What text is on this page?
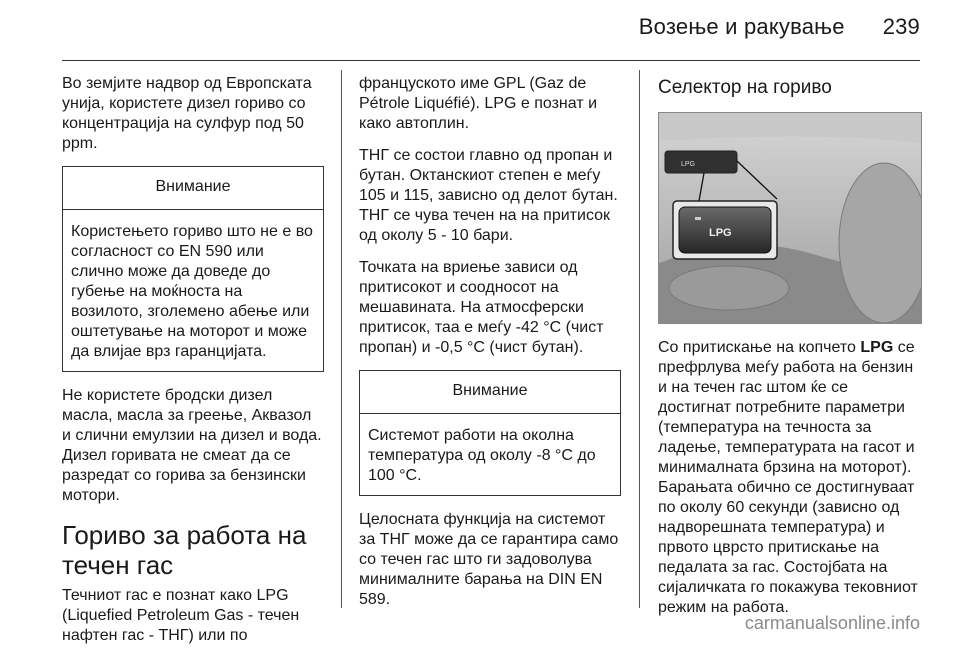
Возење и ракување 239

Во земјите надвор од Европската унија, користете дизел гориво со концентрација на сулфур под 50 ppm.

Внимание
Користењето гориво што не е во согласност со EN 590 или слично може да доведе до губење на моќноста на возилото, зголемено абење или оштетување на моторот и може да влијае врз гаранцијата.

Не користете бродски дизел масла, масла за греење, Аквазол и слични емулзии на дизел и вода. Дизел горивата не смеат да се разредат со горива за бензински мотори.

Гориво за работа на течен гас

Течниот гас е познат како LPG (Liquefied Petroleum Gas - течен нафтен гас - ТНГ) или по

францускoто име GPL (Gaz de Pétrole Liquéfié). LPG е познат и како автоплин.

ТНГ се состои главно од пропан и бутан. Октанскиот степен е меѓу 105 и 115, зависно од делот бутан. ТНГ се чува течен на на притисок од околу 5 - 10 бари.

Точката на вриење зависи од притисокот и соодносот на мешавината. На атмосферски притисок, таа е меѓу -42 °C (чист пропан) и -0,5 °C (чист бутан).

Внимание
Системот работи на околна температура од околу -8 °C до 100 °C.

Целосната функција на системот за ТНГ може да се гарантира само со течен гас што ги задоволува минималните барања на DIN EN 589.

Селектор на гориво
LPG
LPG

Со притискање на копчето LPG се префрлува меѓу работа на бензин и на течен гас штом ќе се достигнат потребните параметри (температура на течноста за ладење, температурата на гасот и минималната брзина на моторот). Барањата обично се достигнуваат по околу 60 секунди (зависно од надворешната температура) и првото цврсто притискање на педалата за гас. Состојбата на сијаличката го покажува тековниот режим на работа.

carmanualsonline.info
